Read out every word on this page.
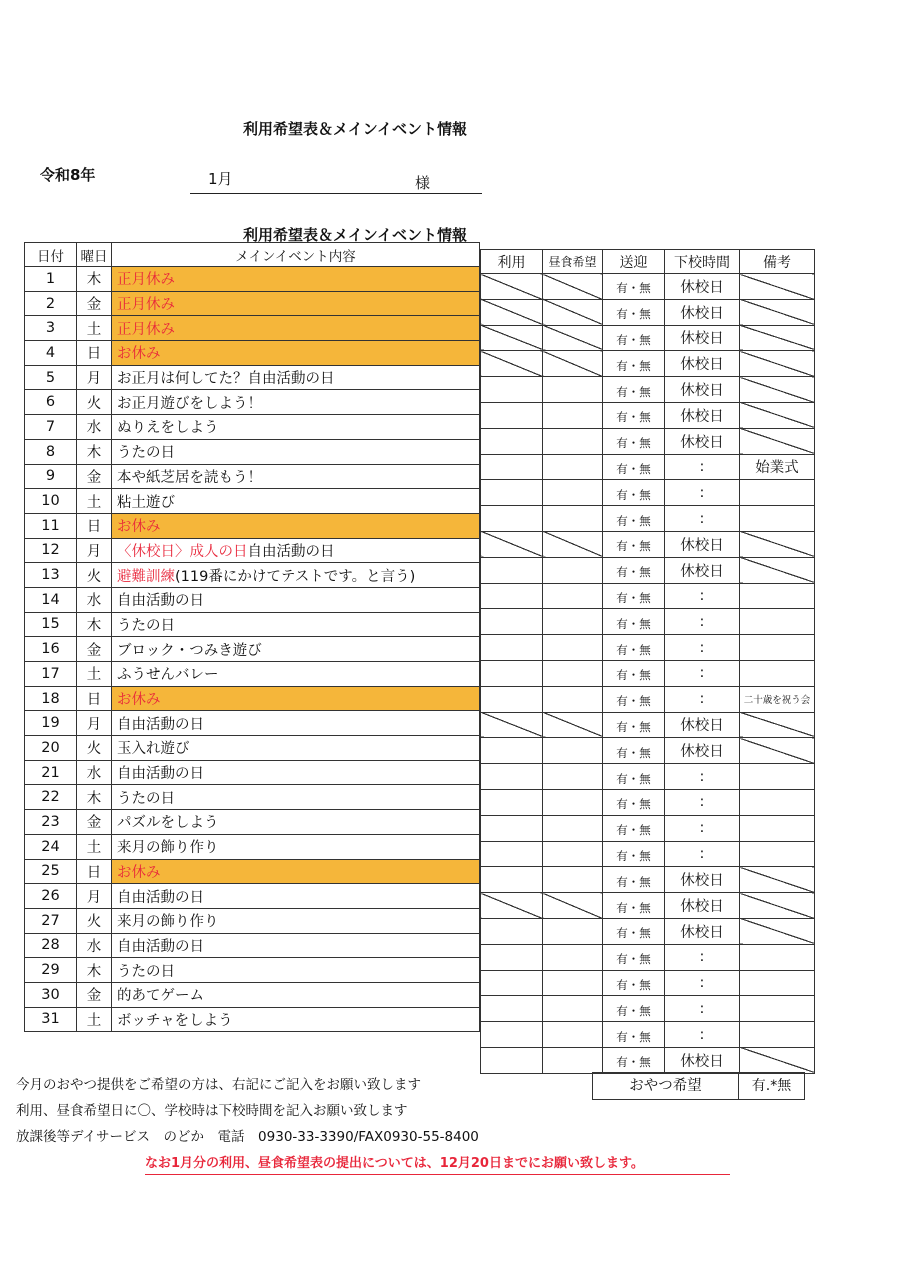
利用希望表＆メインイベント情報
令和8年	1月	様
利用希望表＆メインイベント情報
日付	曜日	メインイベント内容
1	木	正月休み
2	金	正月休み
3	土	正月休み
4	日	お休み
5	月	お正月は何してた？自由活動の日
6	火	お正月遊びをしよう！
7	水	ぬりえをしよう
8	木	うたの日
9	金	本や紙芝居を読もう！
10	土	粘土遊び
11	日	お休み
12	月	〈休校日〉成人の日自由活動の日
13	火	避難訓練(119番にかけてテストです。と言う)
14	水	自由活動の日
15	木	うたの日
16	金	ブロック・つみき遊び
17	土	ふうせんバレー
18	日	お休み
19	月	自由活動の日
20	火	玉入れ遊び
21	水	自由活動の日
22	木	うたの日
23	金	パズルをしよう
24	土	来月の飾り作り
25	日	お休み
26	月	自由活動の日
27	火	来月の飾り作り
28	水	自由活動の日
29	木	うたの日
30	金	的あてゲーム
31	土	ボッチャをしよう
利用	昼食希望	送迎	下校時間	備考
		有・無	休校日	
		有・無	休校日	
		有・無	休校日	
		有・無	休校日	
		有・無	休校日	
		有・無	休校日	
		有・無	休校日	
		有・無	:	始業式
		有・無	:	
		有・無	:	
		有・無	休校日	
		有・無	休校日	
		有・無	:	
		有・無	:	
		有・無	:	
		有・無	:	
		有・無	:	二十歳を祝う会
		有・無	休校日	
		有・無	休校日	
		有・無	:	
		有・無	:	
		有・無	:	
		有・無	:	
		有・無	休校日	
		有・無	休校日	
		有・無	休校日	
		有・無	:	
		有・無	:	
		有・無	:	
		有・無	:	
		有・無	休校日	
おやつ希望	有.*無
今月のおやつ提供をご希望の方は、右記にご記入をお願い致します
利用、昼食希望日に〇、学校時は下校時間を記入お願い致します
放課後等デイサービス　のどか　電話　0930-33-3390/FAX0930-55-8400
なお1月分の利用、昼食希望表の提出については、12月20日までにお願い致します。
